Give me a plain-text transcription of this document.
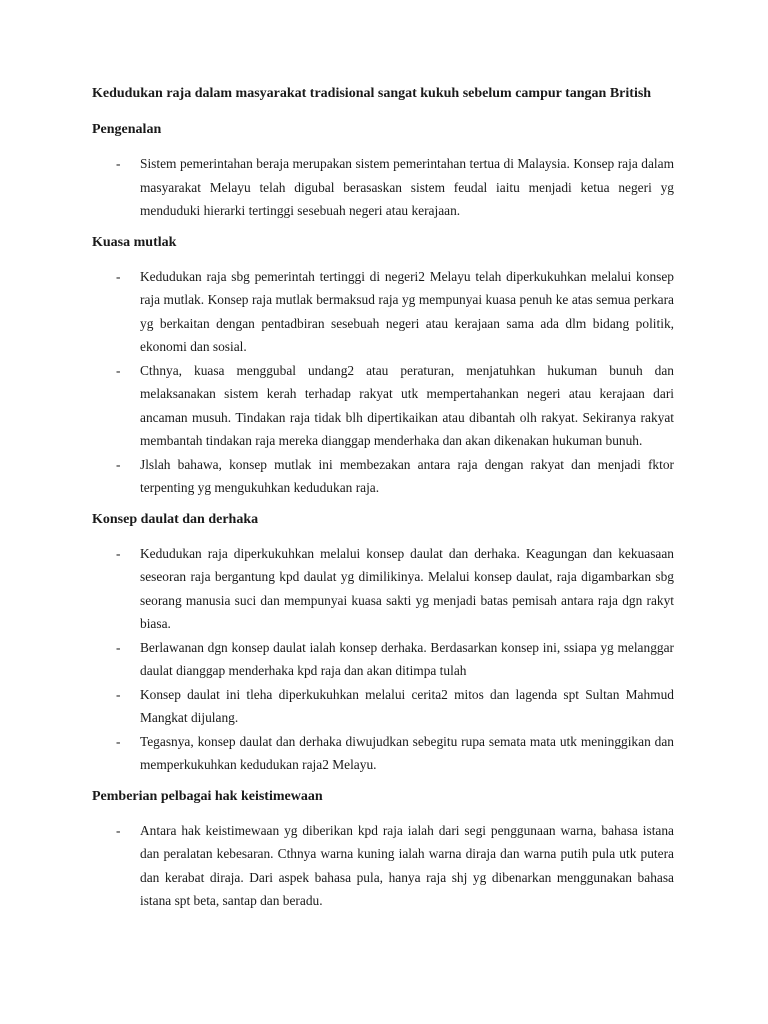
Kedudukan raja dalam masyarakat tradisional sangat kukuh sebelum campur tangan British
Pengenalan
- Sistem pemerintahan beraja merupakan sistem pemerintahan tertua di Malaysia. Konsep raja dalam masyarakat Melayu telah digubal berasaskan sistem feudal iaitu menjadi ketua negeri yg menduduki hierarki tertinggi sesebuah negeri atau kerajaan.
Kuasa mutlak
- Kedudukan raja sbg pemerintah tertinggi di negeri2 Melayu telah diperkukuhkan melalui konsep raja mutlak. Konsep raja mutlak bermaksud raja yg mempunyai kuasa penuh ke atas semua perkara yg berkaitan dengan pentadbiran sesebuah negeri atau kerajaan sama ada dlm bidang politik, ekonomi dan sosial.
- Cthnya, kuasa menggubal undang2 atau peraturan, menjatuhkan hukuman bunuh dan melaksanakan sistem kerah terhadap rakyat utk mempertahankan negeri atau kerajaan dari ancaman musuh. Tindakan raja tidak blh dipertikaikan atau dibantah olh rakyat. Sekiranya rakyat membantah tindakan raja mereka dianggap menderhaka dan akan dikenakan hukuman bunuh.
- Jlslah bahawa, konsep mutlak ini membezakan antara raja dengan rakyat dan menjadi fktor terpenting yg mengukuhkan kedudukan raja.
Konsep daulat dan derhaka
- Kedudukan raja diperkukuhkan melalui konsep daulat dan derhaka. Keagungan dan kekuasaan seseoran raja bergantung kpd daulat yg dimilikinya. Melalui konsep daulat, raja digambarkan sbg seorang manusia suci dan mempunyai kuasa sakti yg menjadi batas pemisah antara raja dgn rakyt biasa.
- Berlawanan dgn konsep daulat ialah konsep derhaka. Berdasarkan konsep ini, ssiapa yg melanggar daulat dianggap menderhaka kpd raja dan akan ditimpa tulah
- Konsep daulat ini tleha diperkukuhkan melalui cerita2 mitos dan lagenda spt Sultan Mahmud Mangkat dijulang.
- Tegasnya, konsep daulat dan derhaka diwujudkan sebegitu rupa semata mata utk meninggikan dan memperkukuhkan kedudukan raja2 Melayu.
Pemberian pelbagai hak keistimewaan
- Antara hak keistimewaan yg diberikan kpd raja ialah dari segi penggunaan warna, bahasa istana dan peralatan kebesaran. Cthnya warna kuning ialah warna diraja dan warna putih pula utk putera dan kerabat diraja. Dari aspek bahasa pula, hanya raja shj yg dibenarkan menggunakan bahasa istana spt beta, santap dan beradu.
